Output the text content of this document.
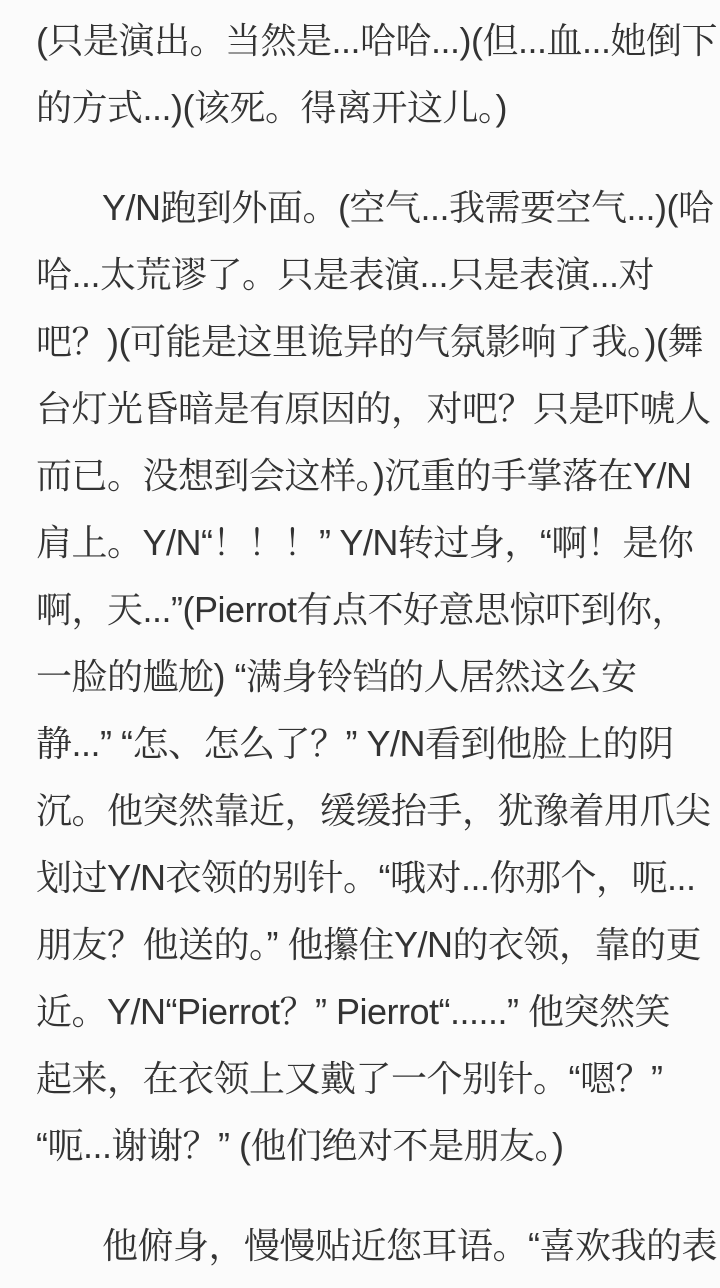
(只是演出。当然是...哈哈...)(但...血...她倒下
的方式...)(该死。得离开这儿。)
Y/N跑到外面。(空气...我需要空气...)(哈
哈...太荒谬了。只是表演...只是表演...对
吧？)(可能是这里诡异的气氛影响了我。)(舞
台灯光昏暗是有原因的，对吧？只是吓唬人
而已。没想到会这样。)沉重的手掌落在Y/N
肩上。Y/N“！！！” Y/N转过身，“啊！是你
啊，天...”(Pierrot有点不好意思惊吓到你，
一脸的尴尬) “满身铃铛的人居然这么安
静...” “怎、怎么了？” Y/N看到他脸上的阴
沉。他突然靠近，缓缓抬手，犹豫着用爪尖
划过Y/N衣领的别针。“哦对...你那个，呃...
朋友？他送的。” 他攥住Y/N的衣领，靠的更
近。Y/N“Pierrot？” Pierrot“......” 他突然笑
起来，在衣领上又戴了一个别针。“嗯？”
“呃...谢谢？” (他们绝对不是朋友。)
他俯身，慢慢贴近您耳语。“喜欢我的表
